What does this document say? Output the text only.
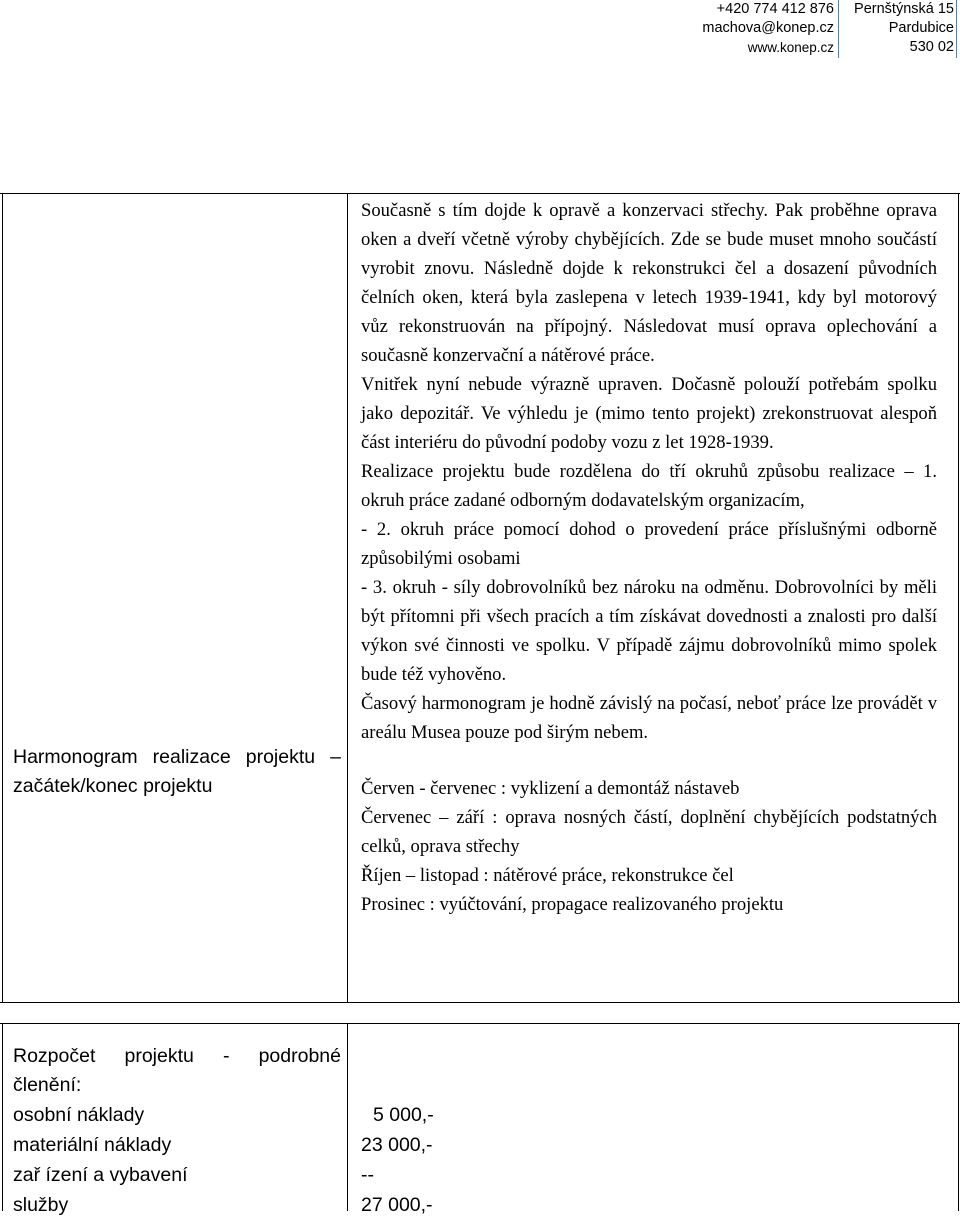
+420 774 412 876
machova@konep.cz
www.konep.cz
Pernštýnská 15
Pardubice
530 02
Harmonogram realizace projektu – začátek/konec projektu

Současně s tím dojde k opravě a konzervaci střechy. Pak proběhne oprava oken a dveří včetně výroby chybějících. Zde se bude muset mnoho součástí vyrobit znovu. Následně dojde k rekonstrukci čel a dosazení původních čelních oken, která byla zaslepena v letech 1939-1941, kdy byl motorový vůz rekonstruován na přípojný. Následovat musí oprava oplechování a současně konzervační a nátěrové práce.

Vnitřek nyní nebude výrazně upraven. Dočasně polouží potřebám spolku jako depozitář. Ve výhledu je (mimo tento projekt) zrekonstruovat alespoň část interiéru do původní podoby vozu z let 1928-1939.

Realizace projektu bude rozdělena do tří okruhů způsobu realizace – 1. okruh práce zadané odborným dodavatelským organizacím,

- 2. okruh práce pomocí dohod o provedení práce příslušnými odborně způsobilými osobami

- 3. okruh - síly dobrovolníků bez nároku na odměnu. Dobrovolníci by měli být přítomni při všech pracích a tím získávat dovednosti a znalosti pro další výkon své činnosti ve spolku. V případě zájmu dobrovolníků mimo spolek bude též vyhověno.

Časový harmonogram je hodně závislý na počasí, neboť práce lze provádět v areálu Musea pouze pod širým nebem.

Červen - červenec : vyklizení a demontáž nástaveb

Červenec – září : oprava nosných částí, doplnění chybějících podstatných celků, oprava střechy

Říjen – listopad : nátěrové práce, rekonstrukce čel

Prosinec : vyúčtování, propagace realizovaného projektu

Rozpočet projektu - podrobné členění:
osobní náklady
materiální náklady
zař ízení a vybavení
služby
5 000,-
23 000,-
--
27 000,-
